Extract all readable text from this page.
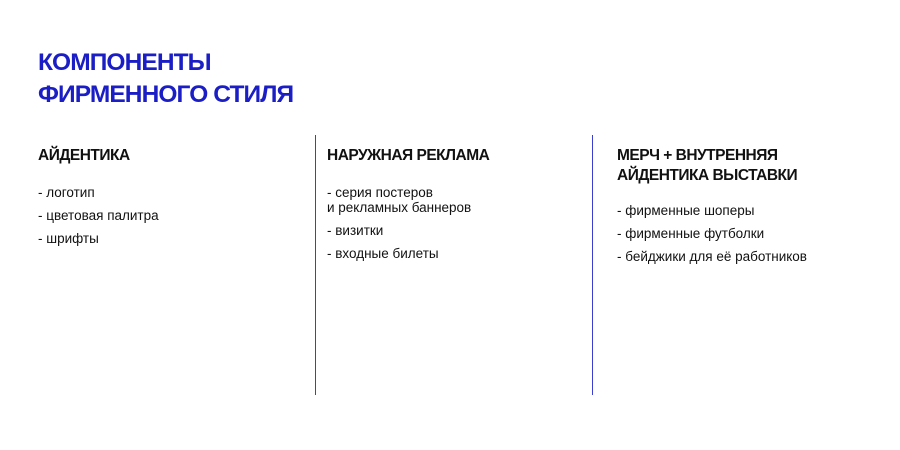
КОМПОНЕНТЫ
ФИРМЕННОГО СТИЛЯ
АЙДЕНТИКА
- логотип
- цветовая палитра
- шрифты
НАРУЖНАЯ РЕКЛАМА
- серия постеров
и рекламных баннеров
- визитки
- входные билеты
МЕРЧ + ВНУТРЕННЯЯ
АЙДЕНТИКА ВЫСТАВКИ
- фирменные шоперы
- фирменные футболки
- бейджики для её работников
